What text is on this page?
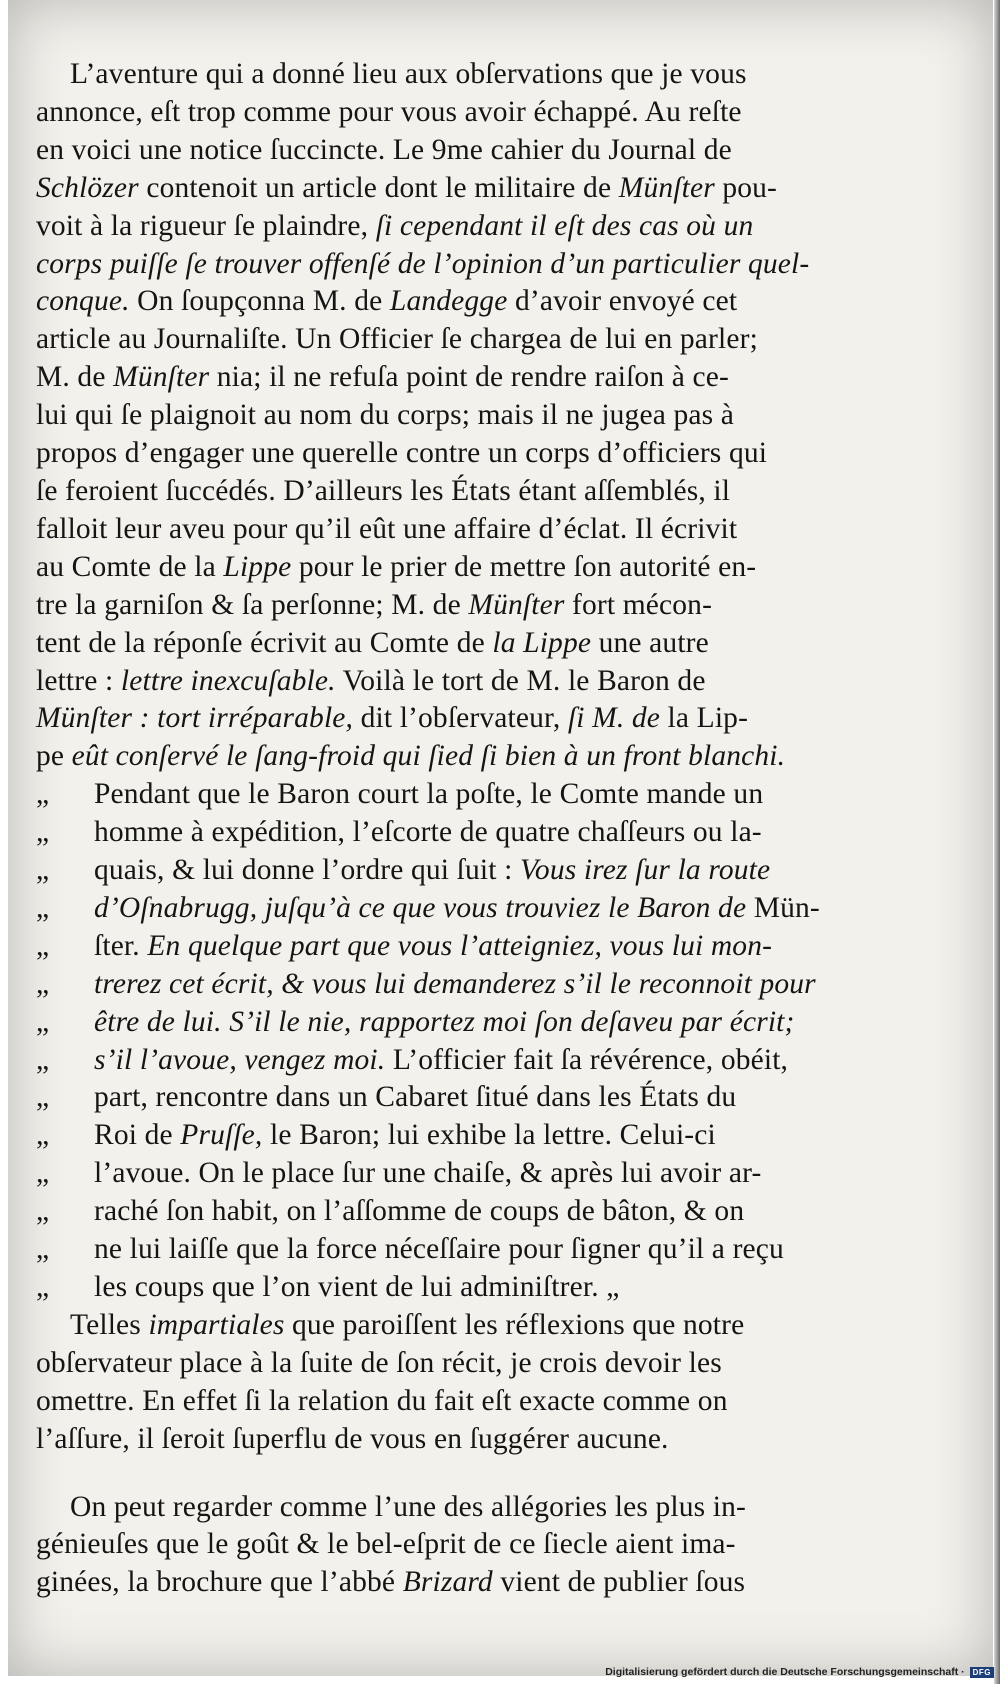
L’aventure qui a donné lieu aux obſervations que je vous
annonce, eſt trop comme pour vous avoir échappé. Au reſte
en voici une notice ſuccincte. Le 9me cahier du Journal de
Schlözer contenoit un article dont le militaire de Münſter pou-
voit à la rigueur ſe plaindre, ſi cependant il eſt des cas où un
corps puiſſe ſe trouver offenſé de l’opinion d’un particulier quel-
conque. On ſoupçonna M. de Landegge d’avoir envoyé cet
article au Journaliſte. Un Officier ſe chargea de lui en parler;
M. de Münſter nia; il ne refuſa point de rendre raiſon à ce-
lui qui ſe plaignoit au nom du corps; mais il ne jugea pas à
propos d’engager une querelle contre un corps d’officiers qui
ſe feroient ſuccédés. D’ailleurs les États étant aſſemblés, il
falloit leur aveu pour qu’il eût une affaire d’éclat. Il écrivit
au Comte de la Lippe pour le prier de mettre ſon autorité en-
tre la garniſon & ſa perſonne; M. de Münſter fort mécon-
tent de la réponſe écrivit au Comte de la Lippe une autre
lettre : lettre inexcuſable. Voilà le tort de M. le Baron de
Münſter : tort irréparable, dit l’obſervateur, ſi M. de la Lip-
pe eût conſervé le ſang-froid qui ſied ſi bien à un front blanchi.
„ Pendant que le Baron court la poſte, le Comte mande un
„ homme à expédition, l’eſcorte de quatre chaſſeurs ou la-
„ quais, & lui donne l’ordre qui ſuit : Vous irez ſur la route
„ d’Oſnabrugg, juſqu’à ce que vous trouviez le Baron de Mün-
„ ſter. En quelque part que vous l’atteigniez, vous lui mon-
„ trerez cet écrit, & vous lui demanderez s’il le reconnoit pour
„ être de lui. S’il le nie, rapportez moi ſon deſaveu par écrit;
„ s’il l’avoue, vengez moi. L’officier fait ſa révérence, obéit,
„ part, rencontre dans un Cabaret ſitué dans les États du
„ Roi de Pruſſe, le Baron; lui exhibe la lettre. Celui-ci
„ l’avoue. On le place ſur une chaiſe, & après lui avoir ar-
„ raché ſon habit, on l’aſſomme de coups de bâton, & on
„ ne lui laiſſe que la force néceſſaire pour ſigner qu’il a reçu
„ les coups que l’on vient de lui adminiſtrer. „
Telles impartiales que paroiſſent les réflexions que notre
obſervateur place à la ſuite de ſon récit, je crois devoir les
omettre. En effet ſi la relation du fait eſt exacte comme on
l’aſſure, il ſeroit ſuperflu de vous en ſuggérer aucune.
On peut regarder comme l’une des allégories les plus in-
génieuſes que le goût & le bel-eſprit de ce ſiecle aient ima-
ginées, la brochure que l’abbé Brizard vient de publier ſous
Digitalisierung gefördert durch die Deutsche Forschungsgemeinschaft ·	DFG
